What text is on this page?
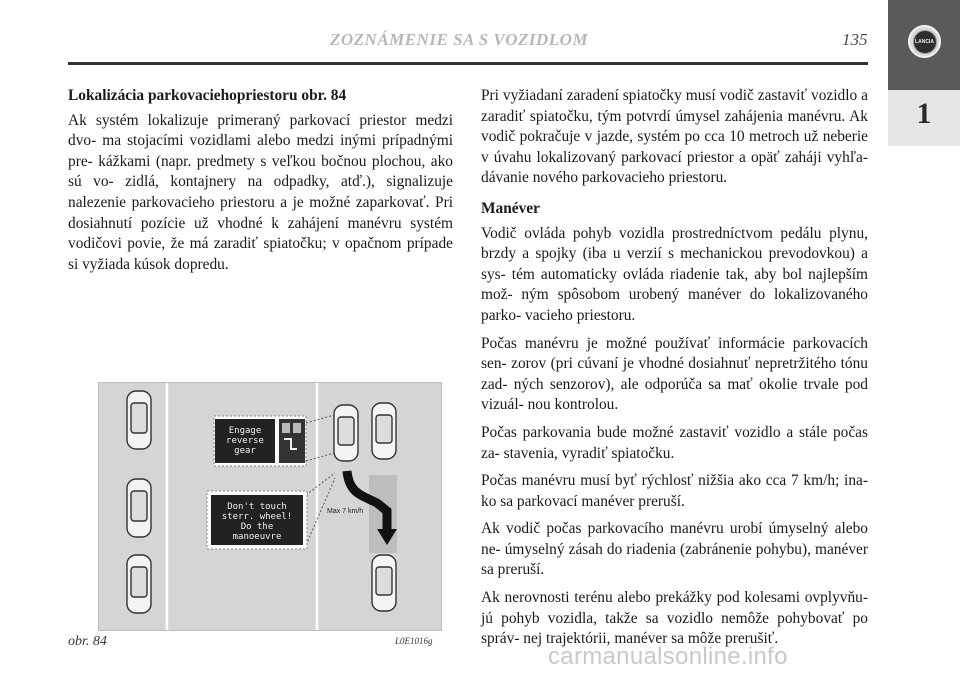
ZOZNÁMENIE SA S VOZIDLOM	135	LANCIA
1
Lokalizácia parkovaciehopriestoru obr. 84

Ak systém lokalizuje primeraný parkovací priestor medzi dvo- ma stojacími vozidlami alebo medzi inými prípadnými pre- kážkami (napr. predmety s veľkou bočnou plochou, ako sú vo- zidlá, kontajnery na odpadky, atď.), signalizuje nalezenie parkovacieho priestoru a je možné zaparkovať. Pri dosiahnutí pozície už vhodné k zahájení manévru systém vodičovi povie, že má zaradiť spiatočku; v opačnom prípade si vyžiada kúsok dopredu.

Max 7 km/h
Engage
reverse
gear
Don't touch
sterr. wheel!
Do the
manoeuvre
obr. 84	L0E1016g

Pri vyžiadaní zaradení spiatočky musí vodič zastaviť vozidlo a zaradiť spiatočku, tým potvrdí úmysel zahájenia manévru. Ak vodič pokračuje v jazde, systém po cca 10 metroch už neberie v úvahu lokalizovaný parkovací priestor a opäť zaháji vyhľa- dávanie nového parkovacieho priestoru.

Manéver

Vodič ovláda pohyb vozidla prostredníctvom pedálu plynu, brzdy a spojky (iba u verzií s mechanickou prevodovkou) a sys- tém automaticky ovláda riadenie tak, aby bol najlepším mož- ným spôsobom urobený manéver do lokalizovaného parko- vacieho priestoru.

Počas manévru je možné používať informácie parkovacích sen- zorov (pri cúvaní je vhodné dosiahnuť nepretržitého tónu zad- ných senzorov), ale odporúča sa mať okolie trvale pod vizuál- nou kontrolou.

Počas parkovania bude možné zastaviť vozidlo a stále počas za- stavenia, vyradiť spiatočku.

Počas manévru musí byť rýchlosť nižšia ako cca 7 km/h; ina- ko sa parkovací manéver preruší.

Ak vodič počas parkovacího manévru urobí úmyselný alebo ne- úmyselný zásah do riadenia (zabránenie pohybu), manéver sa preruší.

Ak nerovnosti terénu alebo prekážky pod kolesami ovplyvňu- jú pohyb vozidla, takže sa vozidlo nemôže pohybovať po správ- nej trajektórii, manéver sa môže prerušiť.

carmanualsonline.info
